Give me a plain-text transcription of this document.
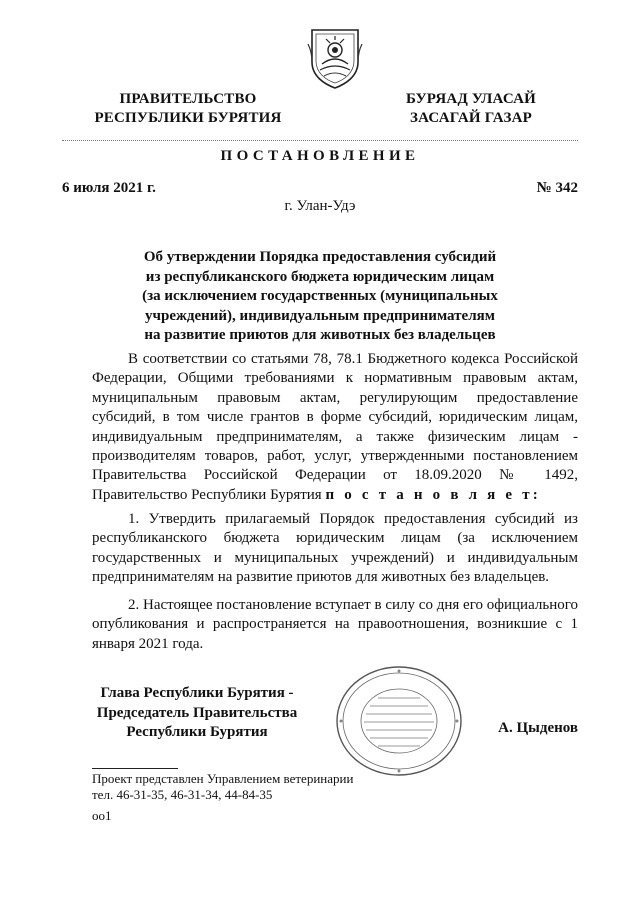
ПРАВИТЕЛЬСТВО
РЕСПУБЛИКИ БУРЯТИЯ
БУРЯАД УЛАСАЙ
ЗАСАГАЙ ГАЗАР
ПОСТАНОВЛЕНИЕ
6 июля 2021 г.	№ 342
г. Улан-Удэ
Об утверждении Порядка предоставления субсидий
из республиканского бюджета юридическим лицам
(за исключением государственных (муниципальных
учреждений), индивидуальным предпринимателям
на развитие приютов для животных без владельцев
В соответствии со статьями 78, 78.1 Бюджетного кодекса Российской Федерации, Общими требованиями к нормативным правовым актам, муниципальным правовым актам, регулирующим предоставление субсидий, в том числе грантов в форме субсидий, юридическим лицам, индивидуальным предпринимателям, а также физическим лицам - производителям товаров, работ, услуг, утвержденными постановлением Правительства Российской Федерации от 18.09.2020 № 1492, Правительство Республики Бурятия п о с т а н о в л я е т:
1. Утвердить прилагаемый Порядок предоставления субсидий из республиканского бюджета юридическим лицам (за исключением государственных и муниципальных учреждений) и индивидуальным предпринимателям на развитие приютов для животных без владельцев.
2. Настоящее постановление вступает в силу со дня его официального опубликования и распространяется на правоотношения, возникшие с 1 января 2021 года.
Глава Республики Бурятия -
Председатель Правительства
Республики Бурятия	А. Цыденов
Проект представлен Управлением ветеринарии
тел. 46-31-35, 46-31-34, 44-84-35
оо1
